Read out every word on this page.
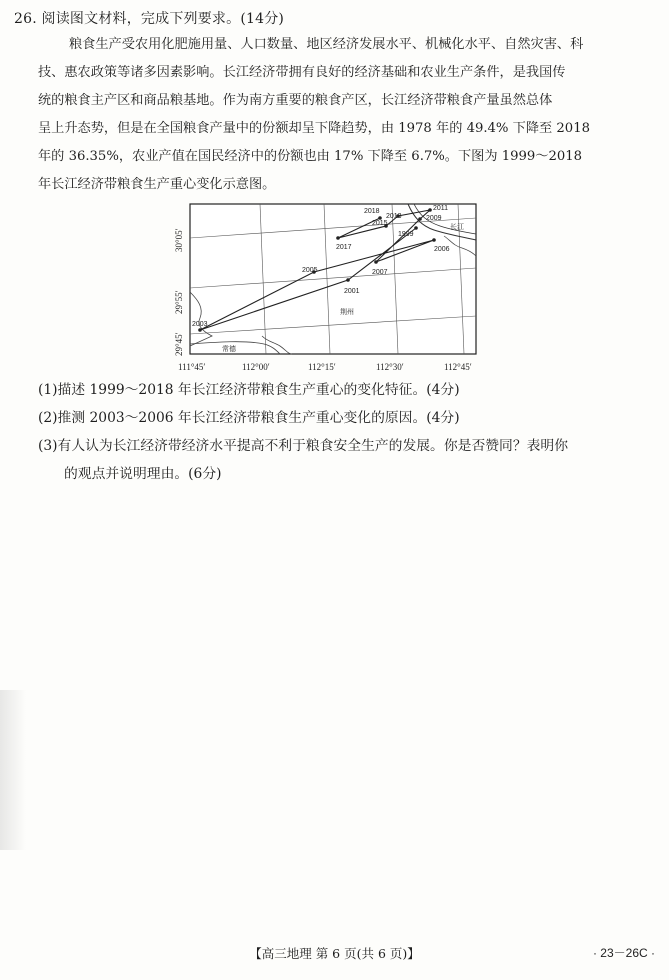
26. 阅读图文材料，完成下列要求。(14分)

粮食生产受农用化肥施用量、人口数量、地区经济发展水平、机械化水平、自然灾害、科

技、惠农政策等诸多因素影响。长江经济带拥有良好的经济基础和农业生产条件，是我国传

统的粮食主产区和商品粮基地。作为南方重要的粮食产区，长江经济带粮食产量虽然总体

呈上升态势，但是在全国粮食产量中的份额却呈下降趋势，由 1978 年的 49.4% 下降至 2018

年的 36.35%，农业产值在国民经济中的份额也由 17% 下降至 6.7%。下图为 1999～2018

年长江经济带粮食生产重心变化示意图。

荆州
常德
长江
1999
2001
2003
2005
2006
2007
2009
2011
2013
2015
2017
2018
30°05′
29°55′
29°45′
111°45′	112°00′	112°15′	112°30′	112°45′

(1)描述 1999～2018 年长江经济带粮食生产重心的变化特征。(4分)

(2)推测 2003～2006 年长江经济带粮食生产重心变化的原因。(4分)

(3)有人认为长江经济带经济水平提高不利于粮食安全生产的发展。你是否赞同？表明你

的观点并说明理由。(6分)

【高三地理 第 6 页(共 6 页)】	· 23－26C ·
